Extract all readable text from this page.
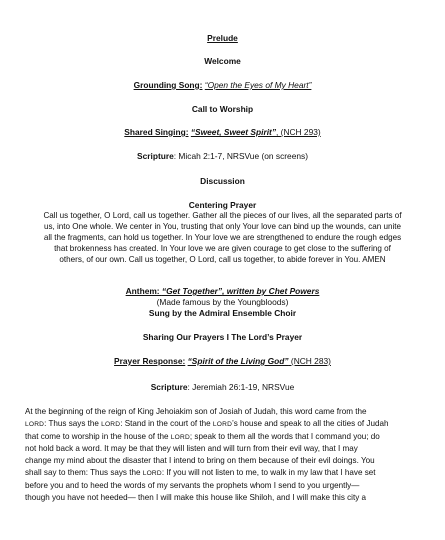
Prelude
Welcome
Grounding Song: “Open the Eyes of My Heart”
Call to Worship
Shared Singing: “Sweet, Sweet Spirit”, (NCH 293)
Scripture: Micah 2:1-7, NRSVue (on screens)
Discussion
Centering Prayer
Call us together, O Lord, call us together. Gather all the pieces of our lives, all the separated parts of
us, into One whole. We center in You, trusting that only Your love can bind up the wounds, can unite
all the fragments, can hold us together. In Your love we are strengthened to endure the rough edges
that brokenness has created. In Your love we are given courage to get close to the suffering of
others, of our own. Call us together, O Lord, call us together, to abide forever in You. AMEN
Anthem: “Get Together”, written by Chet Powers
(Made famous by the Youngbloods)
Sung by the Admiral Ensemble Choir
Sharing Our Prayers I The Lord’s Prayer
Prayer Response: “Spirit of the Living God” (NCH 283)
Scripture: Jeremiah 26:1-19, NRSVue
At the beginning of the reign of King Jehoiakim son of Josiah of Judah, this word came from the
LORD: Thus says the LORD: Stand in the court of the LORD’s house and speak to all the cities of Judah
that come to worship in the house of the LORD; speak to them all the words that I command you; do
not hold back a word. It may be that they will listen and will turn from their evil way, that I may
change my mind about the disaster that I intend to bring on them because of their evil doings. You
shall say to them: Thus says the LORD: If you will not listen to me, to walk in my law that I have set
before you and to heed the words of my servants the prophets whom I send to you urgently—
though you have not heeded— then I will make this house like Shiloh, and I will make this city a
